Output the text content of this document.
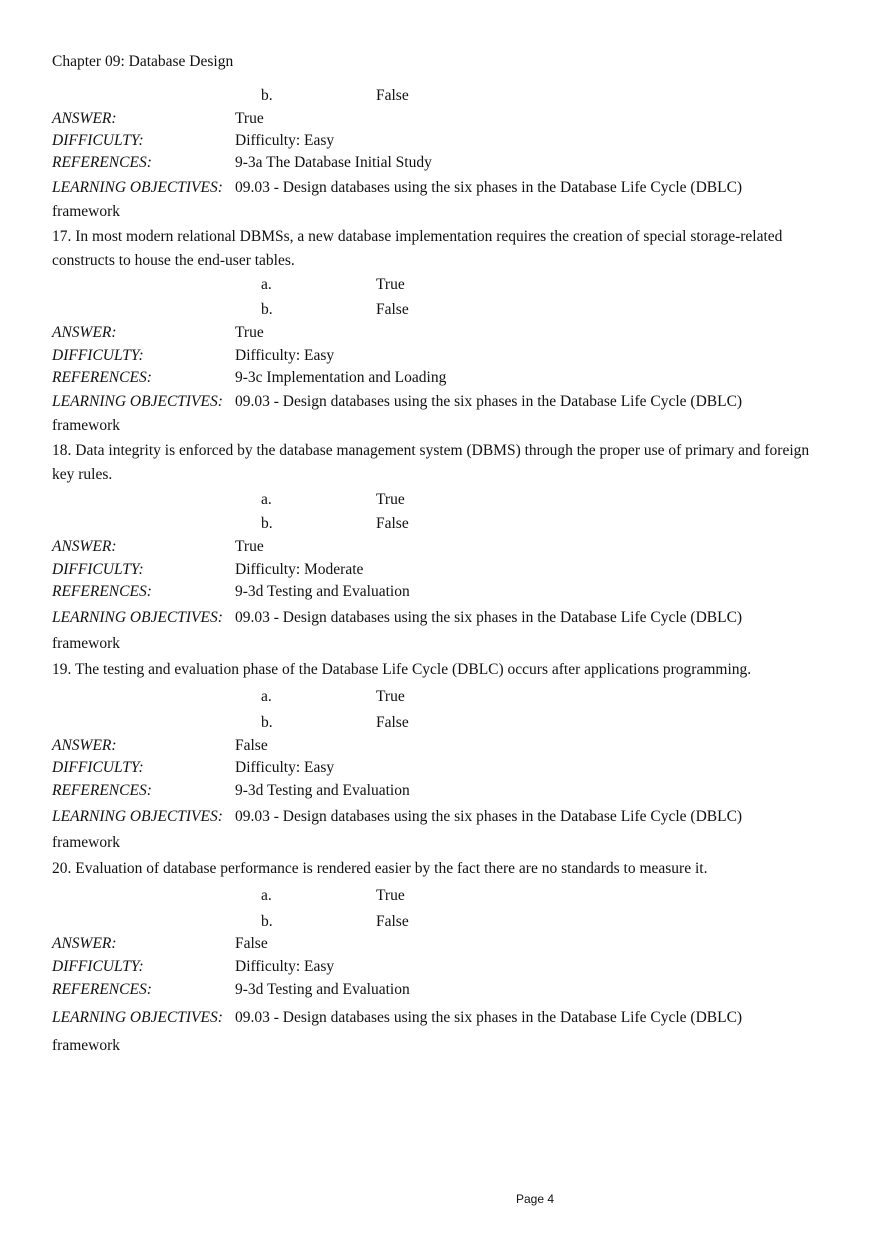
Chapter 09: Database Design
b.	False
ANSWER:	True
DIFFICULTY:	Difficulty: Easy
REFERENCES:	9-3a The Database Initial Study
LEARNING OBJECTIVES: 09.03 - Design databases using the six phases in the Database Life Cycle (DBLC)
framework
17. In most modern relational DBMSs, a new database implementation requires the creation of special storage-related
constructs to house the end-user tables.
a.	True
b.	False
ANSWER:	True
DIFFICULTY:	Difficulty: Easy
REFERENCES:	9-3c Implementation and Loading
LEARNING OBJECTIVES: 09.03 - Design databases using the six phases in the Database Life Cycle (DBLC)
framework
18. Data integrity is enforced by the database management system (DBMS) through the proper use of primary and foreign
key rules.
a.	True
b.	False
ANSWER:	True
DIFFICULTY:	Difficulty: Moderate
REFERENCES:	9-3d Testing and Evaluation
LEARNING OBJECTIVES: 09.03 - Design databases using the six phases in the Database Life Cycle (DBLC)
framework
19. The testing and evaluation phase of the Database Life Cycle (DBLC) occurs after applications programming.
a.	True
b.	False
ANSWER:	False
DIFFICULTY:	Difficulty: Easy
REFERENCES:	9-3d Testing and Evaluation
LEARNING OBJECTIVES: 09.03 - Design databases using the six phases in the Database Life Cycle (DBLC)
framework
20. Evaluation of database performance is rendered easier by the fact there are no standards to measure it.
a.	True
b.	False
ANSWER:	False
DIFFICULTY:	Difficulty: Easy
REFERENCES:	9-3d Testing and Evaluation
LEARNING OBJECTIVES: 09.03 - Design databases using the six phases in the Database Life Cycle (DBLC)
framework
Page 4
